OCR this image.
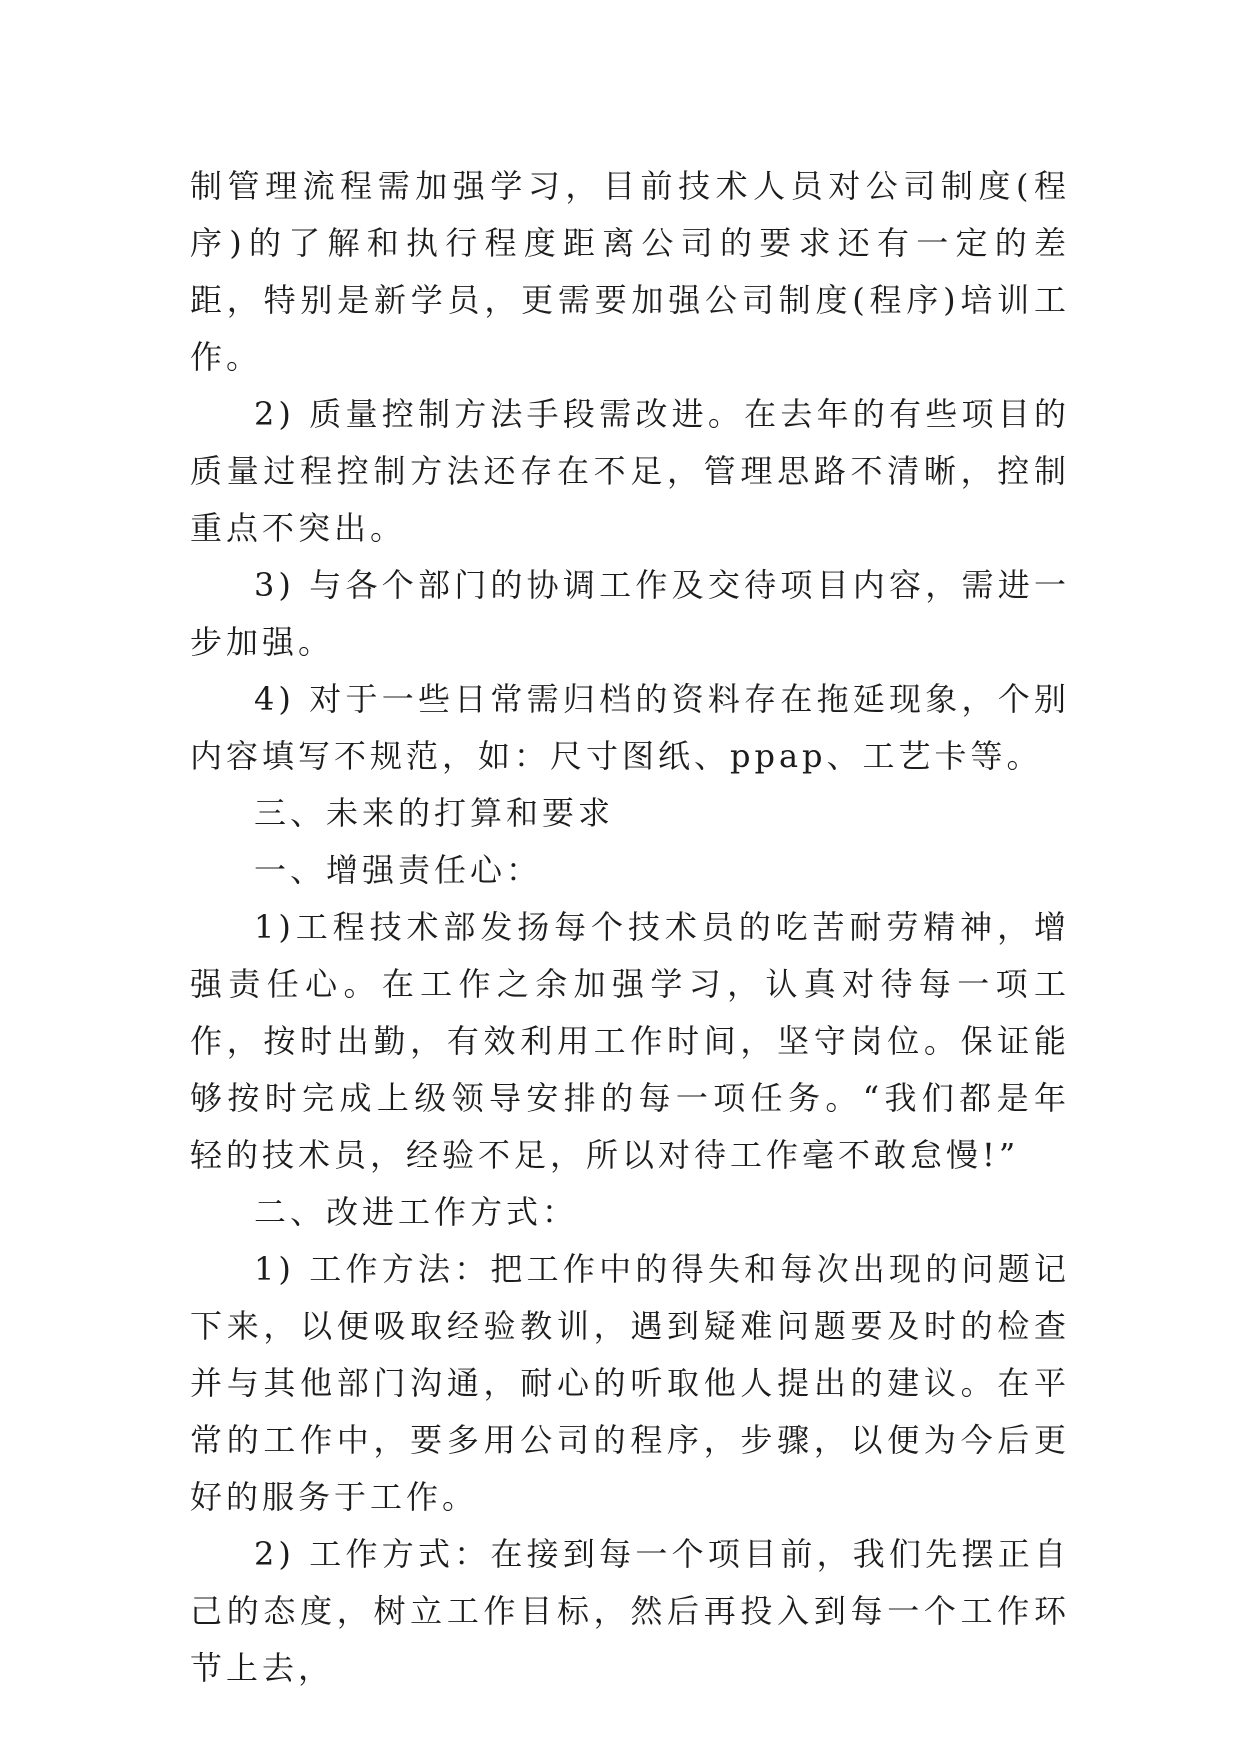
制管理流程需加强学习，目前技术人员对公司制度(程序)的了解和执行程度距离公司的要求还有一定的差距，特别是新学员，更需要加强公司制度(程序)培训工作。

2) 质量控制方法手段需改进。在去年的有些项目的质量过程控制方法还存在不足，管理思路不清晰，控制重点不突出。

3) 与各个部门的协调工作及交待项目内容，需进一步加强。

4) 对于一些日常需归档的资料存在拖延现象，个别内容填写不规范，如：尺寸图纸、ppap、工艺卡等。

三、未来的打算和要求

一、增强责任心：

1)工程技术部发扬每个技术员的吃苦耐劳精神，增强责任心。在工作之余加强学习，认真对待每一项工作，按时出勤，有效利用工作时间，坚守岗位。保证能够按时完成上级领导安排的每一项任务。“我们都是年轻的技术员，经验不足，所以对待工作毫不敢怠慢!”

二、改进工作方式：

1) 工作方法：把工作中的得失和每次出现的问题记下来，以便吸取经验教训，遇到疑难问题要及时的检查并与其他部门沟通，耐心的听取他人提出的建议。在平常的工作中，要多用公司的程序，步骤，以便为今后更好的服务于工作。

2) 工作方式：在接到每一个项目前，我们先摆正自己的态度，树立工作目标，然后再投入到每一个工作环节上去，
